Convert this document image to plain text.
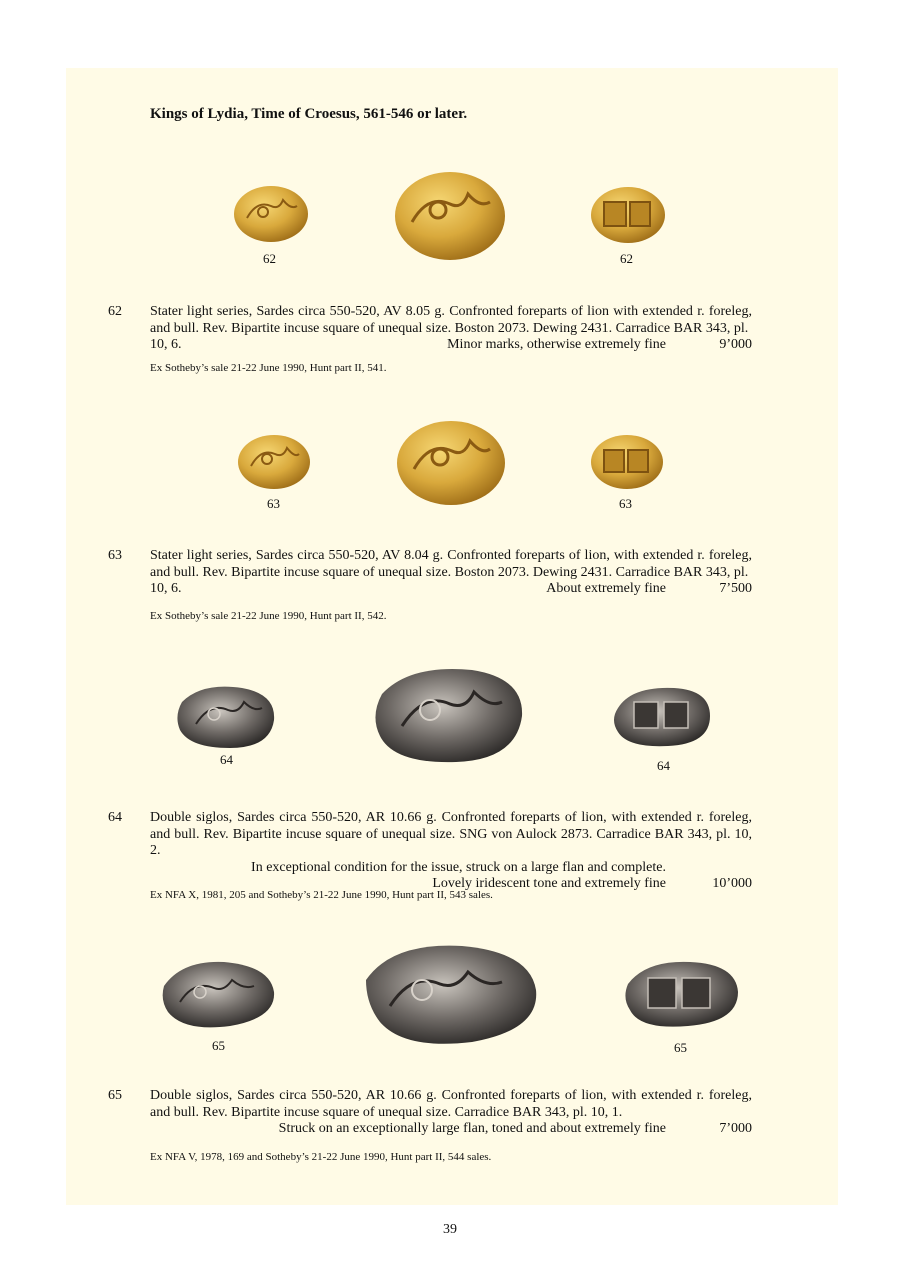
Kings of Lydia, Time of Croesus, 561-546 or later.
62	62
62 Stater light series, Sardes circa 550-520, AV 8.05 g. Confronted foreparts of lion with extended r. foreleg, and bull. Rev. Bipartite incuse square of unequal size. Boston 2073. Dewing 2431. Carradice BAR 343, pl.
10, 6.	Minor marks, otherwise extremely fine	9’000
Ex Sotheby’s sale 21-22 June 1990, Hunt part II, 541.
63	63
63 Stater light series, Sardes circa 550-520, AV 8.04 g. Confronted foreparts of lion, with extended r. foreleg, and bull. Rev. Bipartite incuse square of unequal size. Boston 2073. Dewing 2431. Carradice BAR 343, pl.
10, 6.	About extremely fine	7’500
Ex Sotheby’s sale 21-22 June 1990, Hunt part II, 542.
64	64
64 Double siglos, Sardes circa 550-520, AR 10.66 g. Confronted foreparts of lion, with extended r. foreleg, and bull. Rev. Bipartite incuse square of unequal size. SNG von Aulock 2873. Carradice BAR 343, pl. 10, 2.
In exceptional condition for the issue, struck on a large flan and complete.
Lovely iridescent tone and extremely fine	10’000
Ex NFA X, 1981, 205 and Sotheby’s 21-22 June 1990, Hunt part II, 543 sales.
65	65
65 Double siglos, Sardes circa 550-520, AR 10.66 g. Confronted foreparts of lion, with extended r. foreleg, and bull. Rev. Bipartite incuse square of unequal size. Carradice BAR 343, pl. 10, 1.
Struck on an exceptionally large flan, toned and about extremely fine	7’000
Ex NFA V, 1978, 169 and Sotheby’s 21-22 June 1990, Hunt part II, 544 sales.
39
